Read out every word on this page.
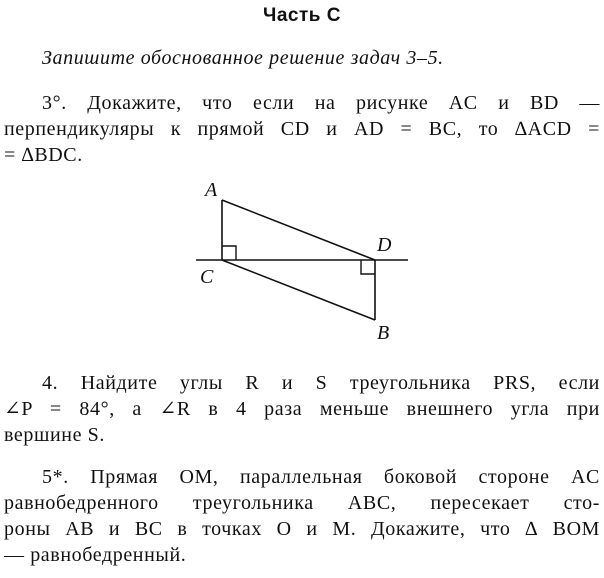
Часть С
Запишите обоснованное решение задач 3–5.
3°. Докажите, что если на рисунке AC и BD —
перпендикуляры к прямой CD и AD = BC, то ∆ACD =
= ∆BDC.
A
C
D
B
4. Найдите углы R и S треугольника PRS, если
∠P = 84°, а ∠R в 4 раза меньше внешнего угла при
вершине S.
5*. Прямая OM, параллельная боковой стороне AC
равнобедренного треугольника ABC, пересекает сто-
роны AB и BC в точках O и M. Докажите, что ∆ BOM
— равнобедренный.
